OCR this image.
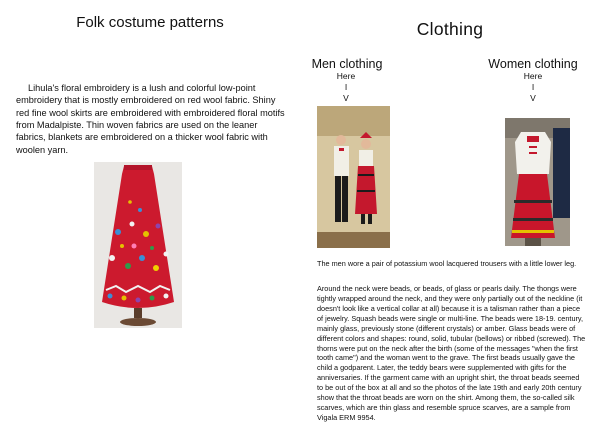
Folk costume patterns
Lihula's floral embroidery is a lush and colorful low-point embroidery that is mostly embroidered on red wool fabric. Shiny red fine wool skirts are embroidered with embroidered floral motifs from Madalpiste. Thin woven fabrics are used on the leaner fabrics, blankets are embroidered on a thicker wool fabric with woolen yarn.
Clothing
Men clothing
Here
I
V
Women clothing
Here
I
V
The men wore a pair of potassium wool lacquered trousers with a little lower leg.
Around the neck were beads, or beads, of glass or pearls daily. The thongs were tightly wrapped around the neck, and they were only partially out of the neckline (it doesn't look like a vertical collar at all) because it is a talisman rather than a piece of jewelry. Squash beads were single or multi-line. The beads were 18-19. century, mainly glass, previously stone (different crystals) or amber. Glass beads were of different colors and shapes: round, solid, tubular (bellows) or ribbed (screwed). The thorns were put on the neck after the birth (some of the messages "when the first tooth came") and the woman went to the grave. The first beads usually gave the child a godparent. Later, the teddy bears were supplemented with gifts for the anniversaries. If the garment came with an upright shirt, the throat beads seemed to be out of the box at all and so the photos of the late 19th and early 20th century show that the throat beads are worn on the shirt. Among them, the so-called silk scarves, which are thin glass and resemble spruce scarves, are a sample from Vigala ERM 9954.
